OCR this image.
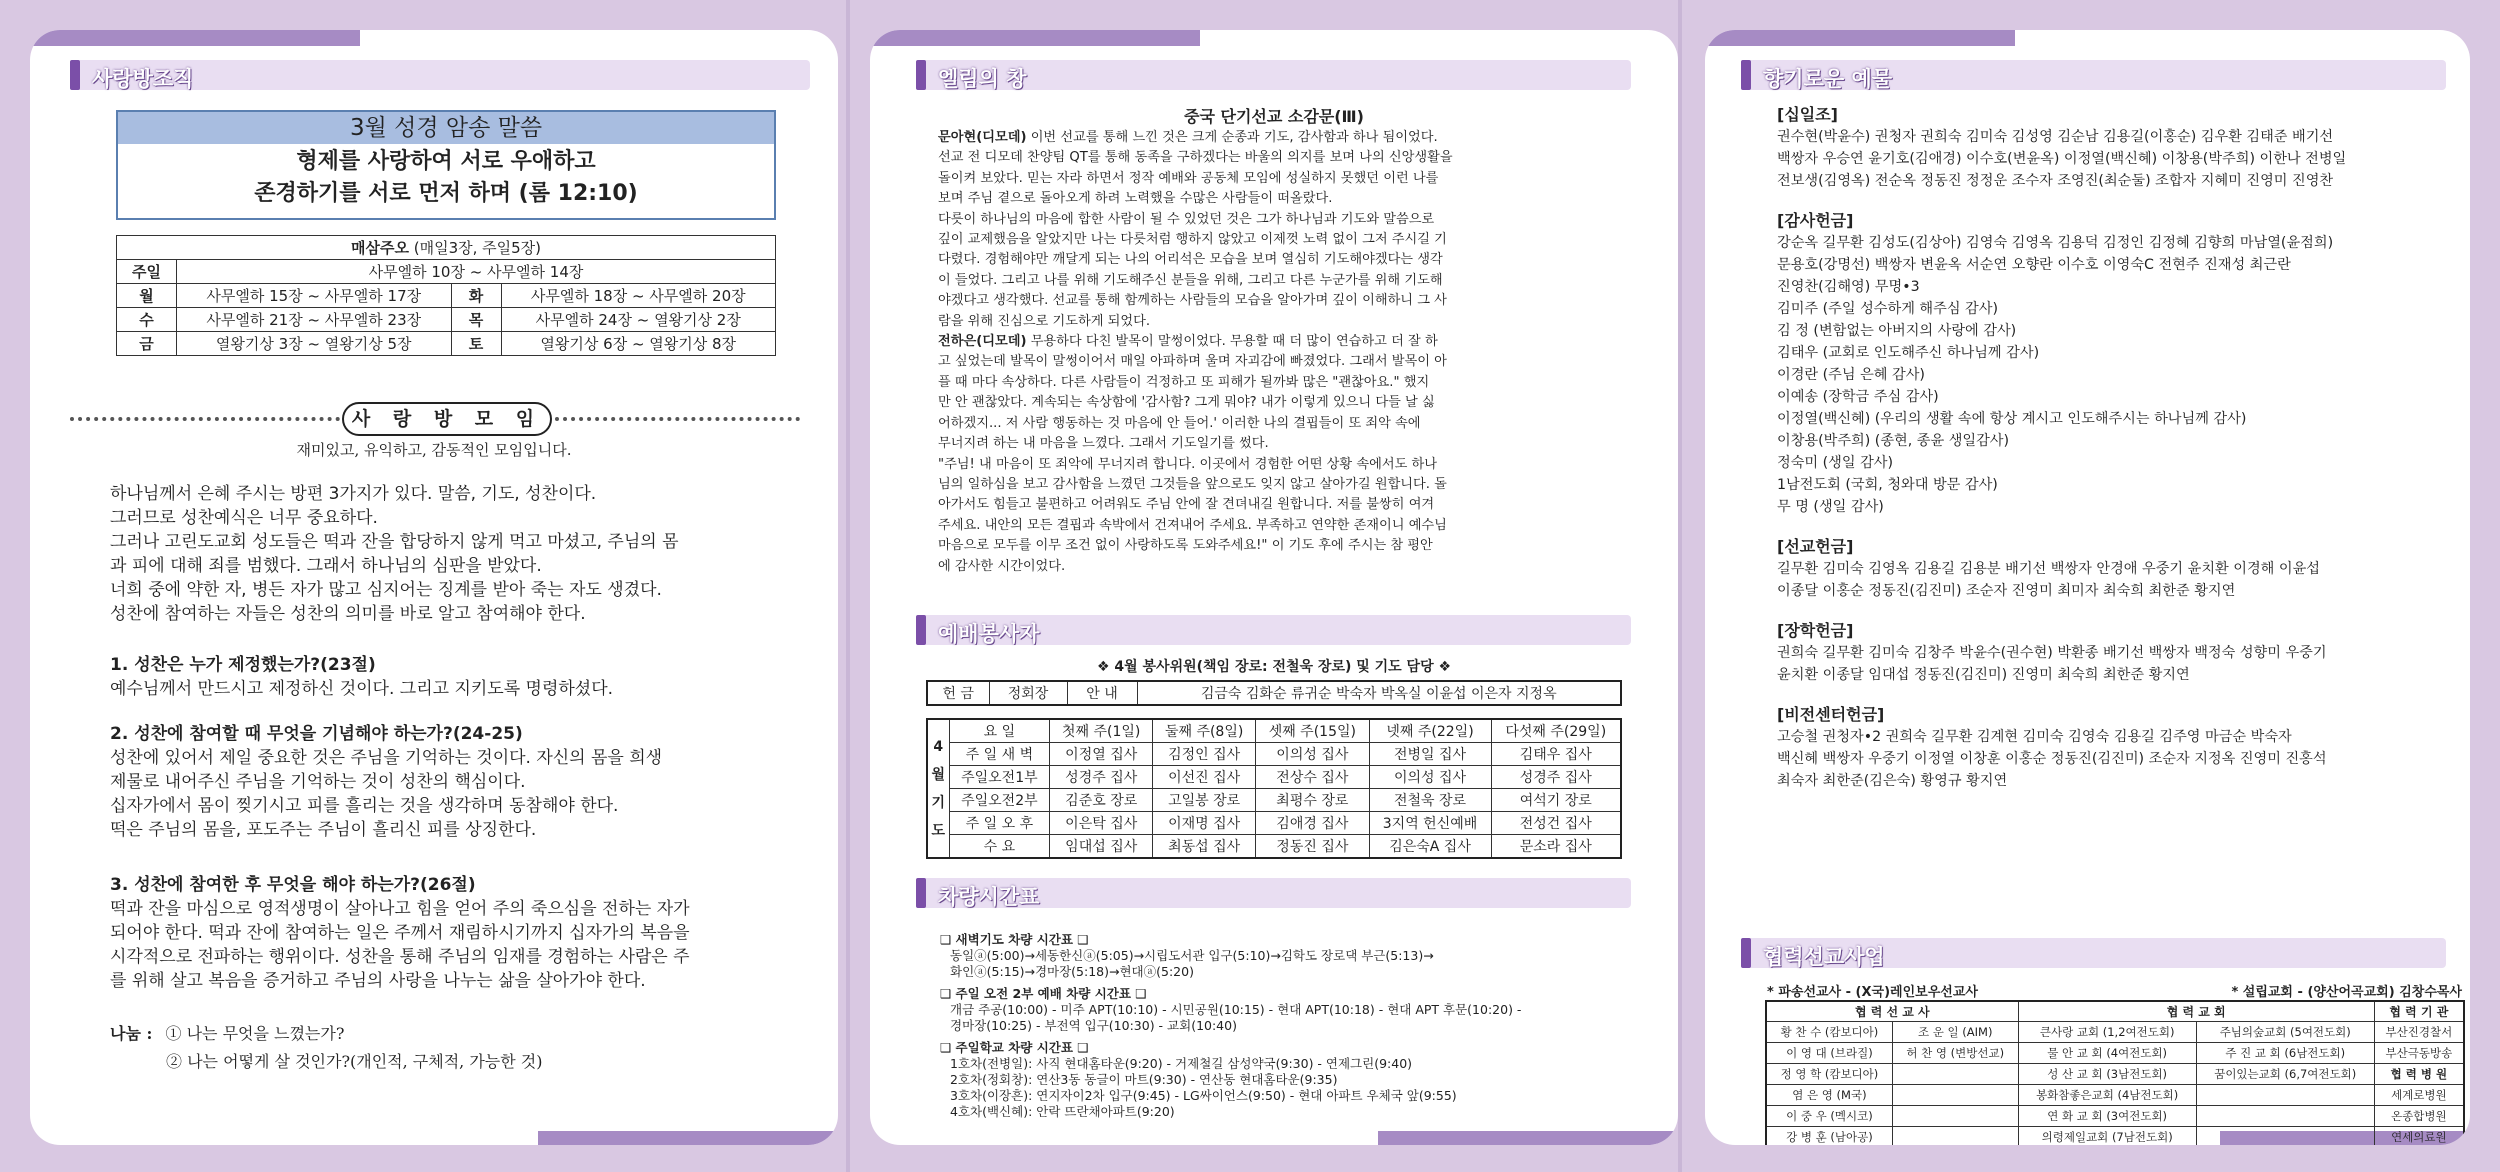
사랑방조직
3월 성경 암송 말씀
형제를 사랑하여 서로 우애하고
존경하기를 서로 먼저 하며 (롬 12:10)
매삼주오 (매일3장, 주일5장)			
주일	사무엘하 10장 ~ 사무엘하 14장		
월	사무엘하 15장 ~ 사무엘하 17장	화	사무엘하 18장 ~ 사무엘하 20장
수	사무엘하 21장 ~ 사무엘하 23장	목	사무엘하 24장 ~ 열왕기상 2장
금	열왕기상 3장 ~ 열왕기상 5장	토	열왕기상 6장 ~ 열왕기상 8장
사 랑 방 모 임
재미있고, 유익하고, 감동적인 모임입니다.
하나님께서 은혜 주시는 방편 3가지가 있다. 말씀, 기도, 성찬이다.
그러므로 성찬예식은 너무 중요하다.
그러나 고린도교회 성도들은 떡과 잔을 합당하지 않게 먹고 마셨고, 주님의 몸
과 피에 대해 죄를 범했다. 그래서 하나님의 심판을 받았다.
너희 중에 약한 자, 병든 자가 많고 심지어는 징계를 받아 죽는 자도 생겼다.
성찬에 참여하는 자들은 성찬의 의미를 바로 알고 참여해야 한다.
1. 성찬은 누가 제정했는가?(23절)
예수님께서 만드시고 제정하신 것이다. 그리고 지키도록 명령하셨다.
2. 성찬에 참여할 때 무엇을 기념해야 하는가?(24-25)
성찬에 있어서 제일 중요한 것은 주님을 기억하는 것이다. 자신의 몸을 희생
제물로 내어주신 주님을 기억하는 것이 성찬의 핵심이다.
십자가에서 몸이 찢기시고 피를 흘리는 것을 생각하며 동참해야 한다.
떡은 주님의 몸을, 포도주는 주님이 흘리신 피를 상징한다.
3. 성찬에 참여한 후 무엇을 해야 하는가?(26절)
떡과 잔을 마심으로 영적생명이 살아나고 힘을 얻어 주의 죽으심을 전하는 자가
되어야 한다. 떡과 잔에 참여하는 일은 주께서 재림하시기까지 십자가의 복음을
시각적으로 전파하는 행위이다. 성찬을 통해 주님의 임재를 경험하는 사람은 주
를 위해 살고 복음을 증거하고 주님의 사랑을 나누는 삶을 살아가야 한다.
나눔 : ① 나는 무엇을 느꼈는가?
② 나는 어떻게 살 것인가?(개인적, 구체적, 가능한 것)
엘림의 창
중국 단기선교 소감문(Ⅲ)
문아현(디모데) 이번 선교를 통해 느낀 것은 크게 순종과 기도, 감사함과 하나 됨이었다.
선교 전 디모데 찬양팀 QT를 통해 동족을 구하겠다는 바울의 의지를 보며 나의 신앙생활을
돌이켜 보았다. 믿는 자라 하면서 정작 예배와 공동체 모임에 성실하지 못했던 이런 나를
보며 주님 곁으로 돌아오게 하려 노력했을 수많은 사람들이 떠올랐다.
다릇이 하나님의 마음에 합한 사람이 될 수 있었던 것은 그가 하나님과 기도와 말씀으로
깊이 교제했음을 알았지만 나는 다릇처럼 행하지 않았고 이제껏 노력 없이 그저 주시길 기
다렸다. 경험해야만 깨달게 되는 나의 어리석은 모습을 보며 열심히 기도해야겠다는 생각
이 들었다. 그리고 나를 위해 기도해주신 분들을 위해, 그리고 다른 누군가를 위해 기도해
야겠다고 생각했다. 선교를 통해 함께하는 사람들의 모습을 알아가며 깊이 이해하니 그 사
람을 위해 진심으로 기도하게 되었다.
전하은(디모데) 무용하다 다친 발목이 말썽이었다. 무용할 때 더 많이 연습하고 더 잘 하
고 싶었는데 발목이 말썽이어서 매일 아파하며 울며 자괴감에 빠졌었다. 그래서 발목이 아
플 때 마다 속상하다. 다른 사람들이 걱정하고 또 피해가 될까봐 많은 "괜찮아요." 했지
만 안 괜찮았다. 계속되는 속상함에 '감사함? 그게 뭐야? 내가 이렇게 있으니 다들 날 싫
어하겠지... 저 사람 행동하는 것 마음에 안 들어.' 이러한 나의 결핍들이 또 죄악 속에
무너지려 하는 내 마음을 느꼈다. 그래서 기도일기를 썼다.
"주님! 내 마음이 또 죄악에 무너지려 합니다. 이곳에서 경험한 어떤 상황 속에서도 하나
님의 일하심을 보고 감사함을 느꼈던 그것들을 앞으로도 잊지 않고 살아가길 원합니다. 돌
아가서도 힘들고 불편하고 어려워도 주님 안에 잘 견뎌내길 원합니다. 저를 불쌍히 여겨
주세요. 내안의 모든 결핍과 속박에서 건져내어 주세요. 부족하고 연약한 존재이니 예수님
마음으로 모두를 이무 조건 없이 사랑하도록 도와주세요!" 이 기도 후에 주시는 참 평안
에 감사한 시간이었다.
예배봉사자
❖ 4월 봉사위원(책임 장로: 전철욱 장로) 및 기도 담당 ❖
헌 금	정회장	안 내	김금숙 김화순 류귀순 박숙자 박옥실 이윤섭 이은자 지정옥
4
월
기
도	요 일	첫째 주(1일)	둘째 주(8일)	셋째 주(15일)	넷째 주(22일)	다섯째 주(29일)
	주 일 새 벽	이정열 집사	김정인 집사	이의성 집사	전병일 집사	김태우 집사
	주일오전1부	성경주 집사	이선진 집사	전상수 집사	이의성 집사	성경주 집사
	주일오전2부	김준호 장로	고일봉 장로	최평수 장로	전철욱 장로	여석기 장로
	주 일 오 후	이은탁 집사	이재명 집사	김애경 집사	3지역 헌신예배	전성건 집사
	수 요	임대섭 집사	최동섭 집사	정동진 집사	김은숙A 집사	문소라 집사
차량시간표
❑ 새벽기도 차량 시간표 ❑
동일ⓐ(5:00)→세동한신ⓐ(5:05)→시립도서관 입구(5:10)→김학도 장로댁 부근(5:13)→
화인ⓐ(5:15)→경마장(5:18)→현대ⓐ(5:20)
❑ 주일 오전 2부 예배 차량 시간표 ❑
개금 주공(10:00) - 미주 APT(10:10) - 시민공원(10:15) - 현대 APT(10:18) - 현대 APT 후문(10:20) -
경마장(10:25) - 부전역 입구(10:30) - 교회(10:40)
❑ 주일학교 차량 시간표 ❑
1호차(전병일): 사직 현대홈타운(9:20) - 거제철길 삼성약국(9:30) - 연제그린(9:40)
2호차(정회창): 연산3동 동글이 마트(9:30) - 연산동 현대홈타운(9:35)
3호차(이장흔): 연지자이2차 입구(9:45) - LG싸이언스(9:50) - 현대 아파트 우체국 앞(9:55)
4호차(백신혜): 안락 뜨란채아파트(9:20)
향기로운 예물
[십일조]
권수현(박윤수) 권청자 권희숙 김미숙 김성영 김순남 김용길(이홍순) 김우환 김태준 배기선
백쌍자 우승연 윤기호(김애경) 이수호(변윤옥) 이정열(백신혜) 이창용(박주희) 이한나 전병일
전보생(김영옥) 전순옥 정동진 정정운 조수자 조영진(최순둘) 조합자 지혜미 진영미 진영찬
[감사헌금]
강순옥 길무환 김성도(김상아) 김영숙 김영옥 김용덕 김정인 김정혜 김향희 마남열(윤점희)
문용호(강명선) 백쌍자 변윤옥 서순연 오향란 이수호 이영숙C 전현주 진재성 최근란
진영찬(김해영) 무명•3
김미주 (주일 성수하게 해주심 감사)
김 정 (변함없는 아버지의 사랑에 감사)
김태우 (교회로 인도해주신 하나님께 감사)
이경란 (주님 은혜 감사)
이예송 (장학금 주심 감사)
이정열(백신혜) (우리의 생활 속에 항상 계시고 인도해주시는 하나님께 감사)
이창용(박주희) (종현, 종윤 생일감사)
정숙미 (생일 감사)
1남전도회 (국회, 청와대 방문 감사)
무 명 (생일 감사)
[선교헌금]
길무환 김미숙 김영옥 김용길 김용분 배기선 백쌍자 안경애 우중기 윤치환 이경해 이윤섭
이종달 이홍순 정동진(김진미) 조순자 진영미 최미자 최숙희 최한준 황지연
[장학헌금]
권희숙 길무환 김미숙 김창주 박윤수(권수현) 박환종 배기선 백쌍자 백정숙 성향미 우중기
윤치환 이종달 임대섭 정동진(김진미) 진영미 최숙희 최한준 황지연
[비전센터헌금]
고승철 권청자•2 권희숙 길무환 김계현 김미숙 김영숙 김용길 김주영 마금순 박숙자
백신혜 백쌍자 우중기 이정열 이창훈 이홍순 정동진(김진미) 조순자 지정옥 진영미 진홍석
최숙자 최한준(김은숙) 황영규 황지연
협력선교사업
* 파송선교사 - (X국)레인보우선교사	* 설립교회 - (양산어곡교회) 김창수목사
협 력 선 교 사		협 력 교 회		협 력 기 관
황 찬 수 (캄보디아)	조 운 일 (AIM)	큰사랑 교회 (1,2여전도회)	주님의숲교회 (5여전도회)	부산진경찰서
이 영 대 (브라질)	허 찬 영 (변방선교)	물 안 교 회 (4여전도회)	주 진 교 회 (6남전도회)	부산극동방송
정 영 학 (캄보디아)		성 산 교 회 (3남전도회)	꿈이있는교회 (6,7여전도회)	협 력 병 원
염 은 영 (M국)		봉화참좋은교회 (4남전도회)		세계로병원
이 중 우 (멕시코)		연 화 교 회 (3여전도회)		온종합병원
강 병 훈 (남아공)		의령제일교회 (7남전도회)		연세의료원
